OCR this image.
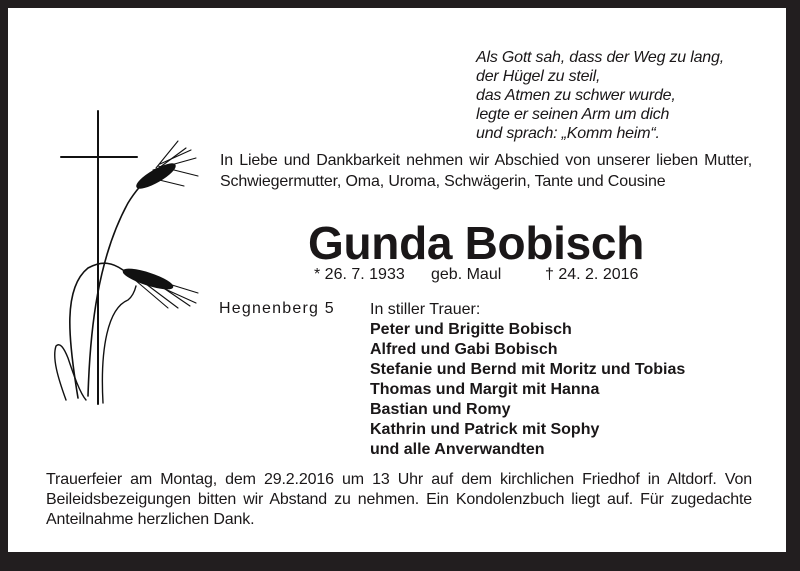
Als Gott sah, dass der Weg zu lang,
der Hügel zu steil,
das Atmen zu schwer wurde,
legte er seinen Arm um dich
und sprach: „Komm heim“.
In Liebe und Dankbarkeit nehmen wir Abschied von unserer lieben Mutter, Schwiegermutter, Oma, Uroma, Schwägerin, Tante und Cousine
Gunda Bobisch
* 26. 7. 1933 geb. Maul	† 24. 2. 2016
Hegnenberg 5 In stiller Trauer:
Peter und Brigitte Bobisch
Alfred und Gabi Bobisch
Stefanie und Bernd mit Moritz und Tobias
Thomas und Margit mit Hanna
Bastian und Romy
Kathrin und Patrick mit Sophy
und alle Anverwandten
Trauerfeier am Montag, dem 29.2.2016 um 13 Uhr auf dem kirchlichen Friedhof in Altdorf. Von Beileidsbezeigungen bitten wir Abstand zu nehmen. Ein Kondolenzbuch liegt auf. Für zugedachte Anteilnahme herzlichen Dank.
